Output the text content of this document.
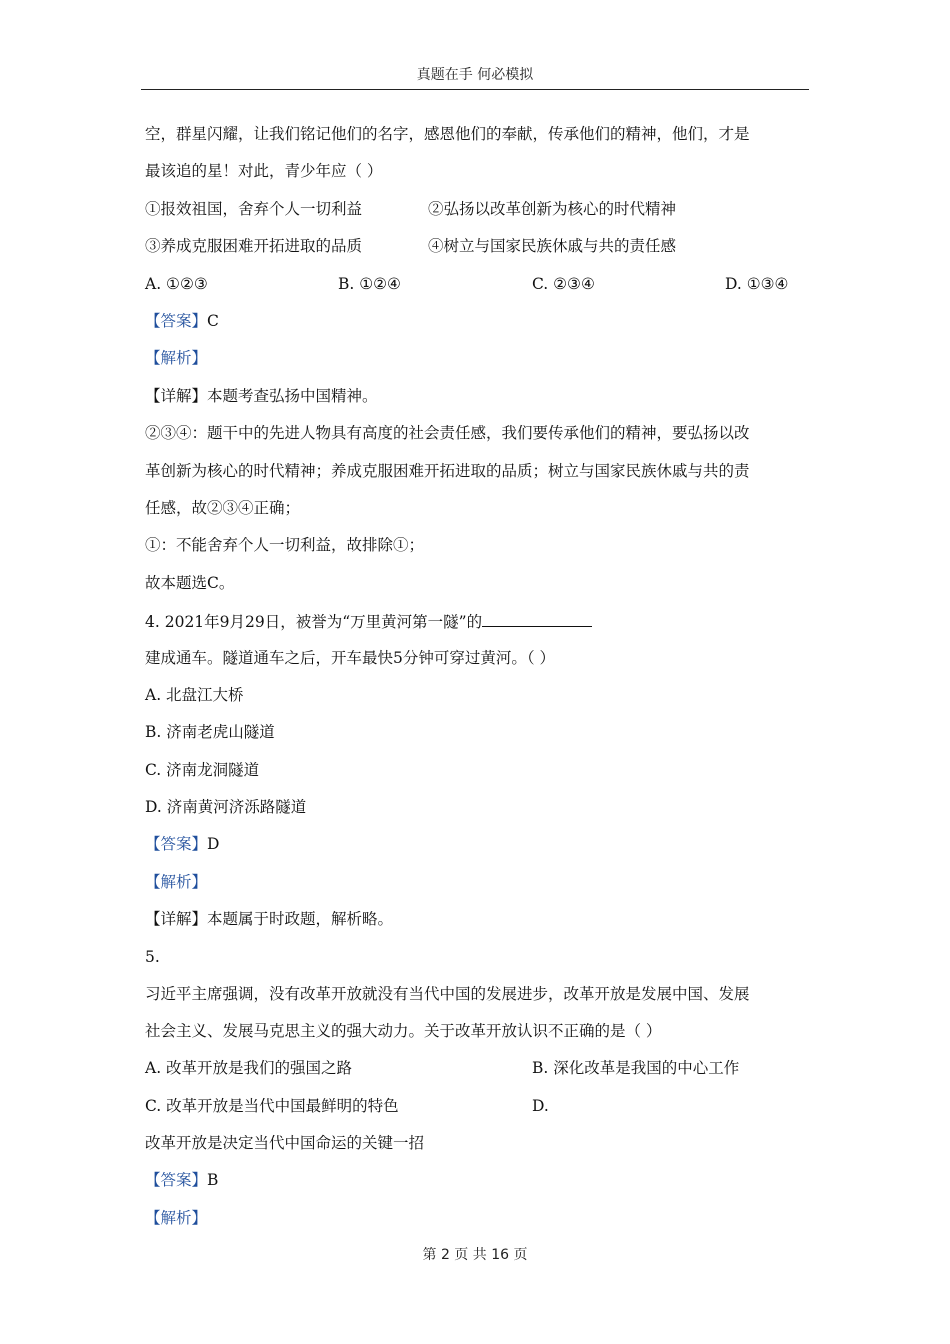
真题在手 何必模拟
空，群星闪耀，让我们铭记他们的名字，感恩他们的奉献，传承他们的精神，他们，才是
最该追的星！对此，青少年应（ ）
①报效祖国，舍弃个人一切利益	②弘扬以改革创新为核心的时代精神
③养成克服困难开拓进取的品质	④树立与国家民族休戚与共的责任感
A. ①②③	B. ①②④	C. ②③④	D. ①③④
【答案】C
【解析】
【详解】本题考查弘扬中国精神。
②③④：题干中的先进人物具有高度的社会责任感，我们要传承他们的精神，要弘扬以改
革创新为核心的时代精神；养成克服困难开拓进取的品质；树立与国家民族休戚与共的责
任感，故②③④正确；
①：不能舍弃个人一切利益，故排除①；
故本题选C。
4. 2021年9月29日，被誉为“万里黄河第一隧”的
建成通车。隧道通车之后，开车最快5分钟可穿过黄河。（ ）
A. 北盘江大桥
B. 济南老虎山隧道
C. 济南龙洞隧道
D. 济南黄河济泺路隧道
【答案】D
【解析】
【详解】本题属于时政题，解析略。
5.
习近平主席强调，没有改革开放就没有当代中国的发展进步，改革开放是发展中国、发展
社会主义、发展马克思主义的强大动力。关于改革开放认识不正确的是（ ）
A. 改革开放是我们的强国之路	B. 深化改革是我国的中心工作
C. 改革开放是当代中国最鲜明的特色	D.
改革开放是决定当代中国命运的关键一招
【答案】B
【解析】
第 2 页 共 16 页
